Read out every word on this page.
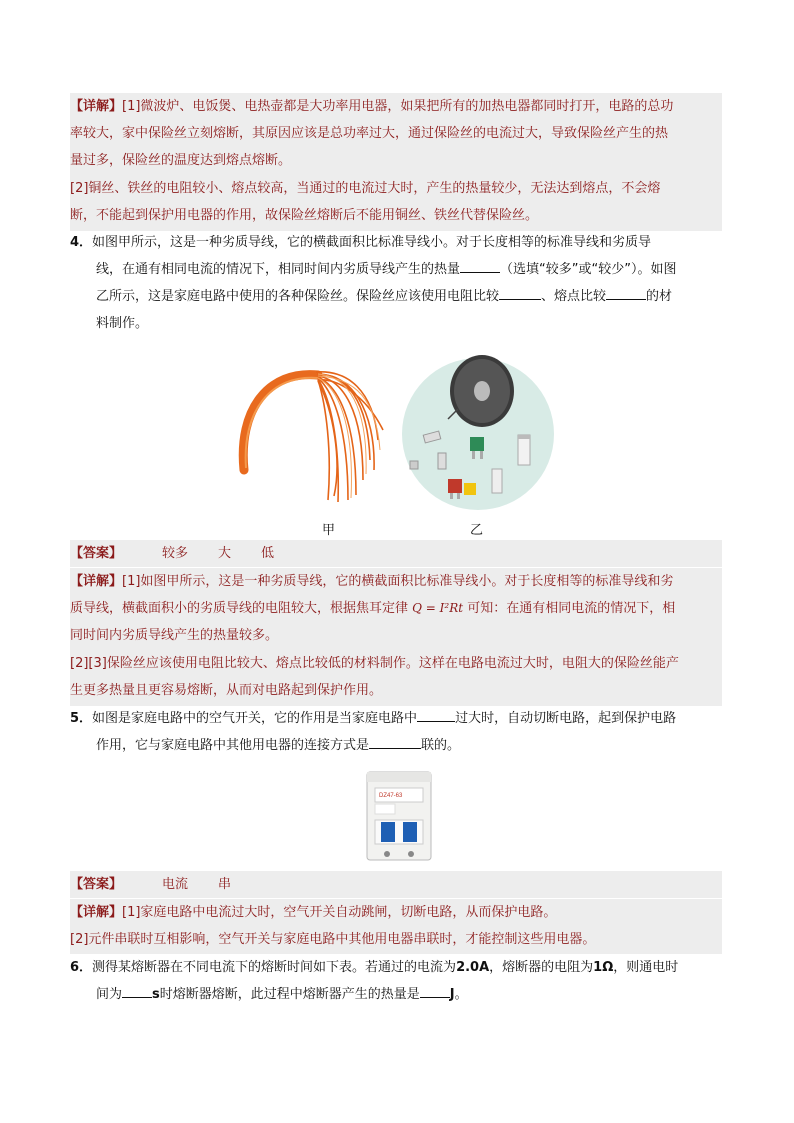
【详解】[1]微波炉、电饭煲、电热壶都是大功率用电器，如果把所有的加热电器都同时打开，电路的总功
率较大，家中保险丝立刻熔断，其原因应该是总功率过大，通过保险丝的电流过大，导致保险丝产生的热
量过多，保险丝的温度达到熔点熔断。
[2]铜丝、铁丝的电阻较小、熔点较高，当通过的电流过大时，产生的热量较少，无法达到熔点，不会熔
断，不能起到保护用电器的作用，故保险丝熔断后不能用铜丝、铁丝代替保险丝。
4．如图甲所示，这是一种劣质导线，它的横截面积比标准导线小。对于长度相等的标准导线和劣质导
线，在通有相同电流的情况下，相同时间内劣质导线产生的热量	（选填“较多”或“较少”）。如图
乙所示，这是家庭电路中使用的各种保险丝。保险丝应该使用电阻比较	、熔点比较	的材
料制作。
甲	乙
【答案】	较多 大 低
【详解】[1]如图甲所示，这是一种劣质导线，它的横截面积比标准导线小。对于长度相等的标准导线和劣
质导线，横截面积小的劣质导线的电阻较大，根据焦耳定律 Q = I²Rt 可知：在通有相同电流的情况下，相
同时间内劣质导线产生的热量较多。
[2][3]保险丝应该使用电阻比较大、熔点比较低的材料制作。这样在电路电流过大时，电阻大的保险丝能产
生更多热量且更容易熔断，从而对电路起到保护作用。
5．如图是家庭电路中的空气开关，它的作用是当家庭电路中	过大时，自动切断电路，起到保护电路
作用，它与家庭电路中其他用电器的连接方式是	联的。
DZ47-63
【答案】	电流 串
【详解】[1]家庭电路中电流过大时，空气开关自动跳闸，切断电路，从而保护电路。
[2]元件串联时互相影响，空气开关与家庭电路中其他用电器串联时，才能控制这些用电器。
6．测得某熔断器在不同电流下的熔断时间如下表。若通过的电流为2.0A，熔断器的电阻为1Ω，则通电时
间为 s时熔断器熔断，此过程中熔断器产生的热量是 J。
